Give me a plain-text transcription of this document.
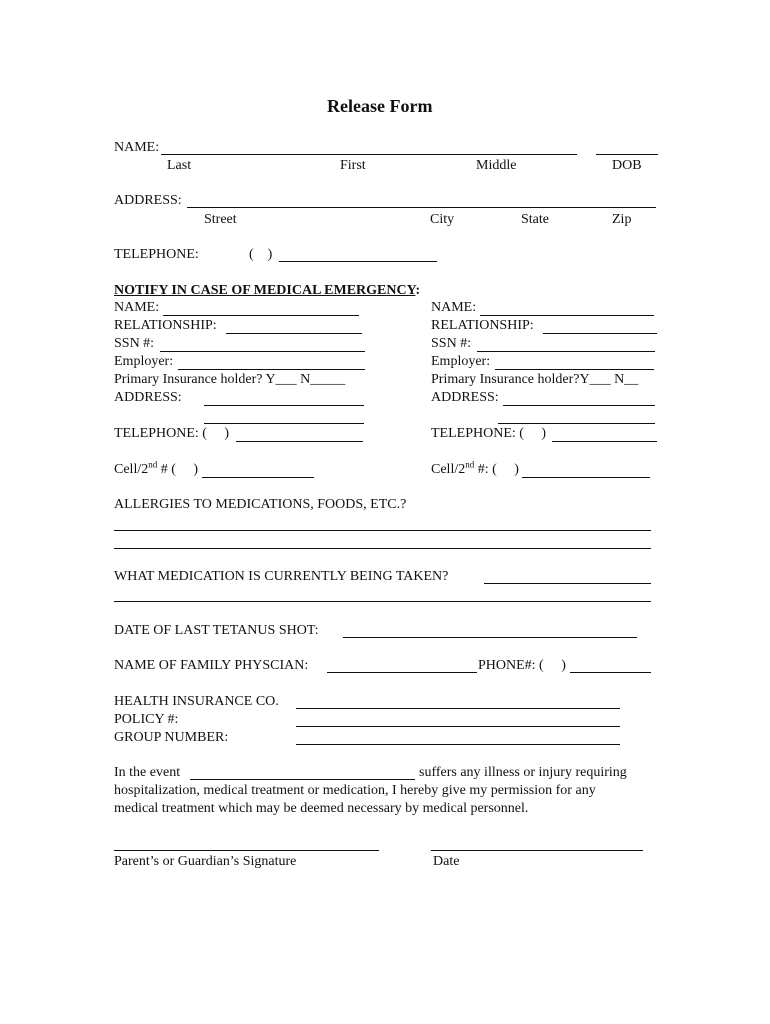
Release Form
NAME:
Last	First	Middle	DOB
ADDRESS:
Street	City	State	Zip
TELEPHONE:	(    )
NOTIFY IN CASE OF MEDICAL EMERGENCY:
NAME:
RELATIONSHIP:
SSN #:
Employer:
Primary Insurance holder? Y___ N_____
ADDRESS:
TELEPHONE: (     )
Cell/2nd # (     )
NAME:
RELATIONSHIP:
SSN #:
Employer:
Primary Insurance holder?Y___ N__
ADDRESS:
TELEPHONE: (     )
Cell/2nd #: (     )
ALLERGIES TO MEDICATIONS, FOODS, ETC.?
WHAT MEDICATION IS CURRENTLY BEING TAKEN?
DATE OF LAST TETANUS SHOT:
NAME OF FAMILY PHYSCIAN:	PHONE#: (     )
HEALTH INSURANCE CO.
POLICY #:
GROUP NUMBER:
In the event	suffers any illness or injury requiring
hospitalization, medical treatment or medication, I hereby give my permission for any
medical treatment which may be deemed necessary by medical personnel.
Parent’s or Guardian’s Signature	Date
